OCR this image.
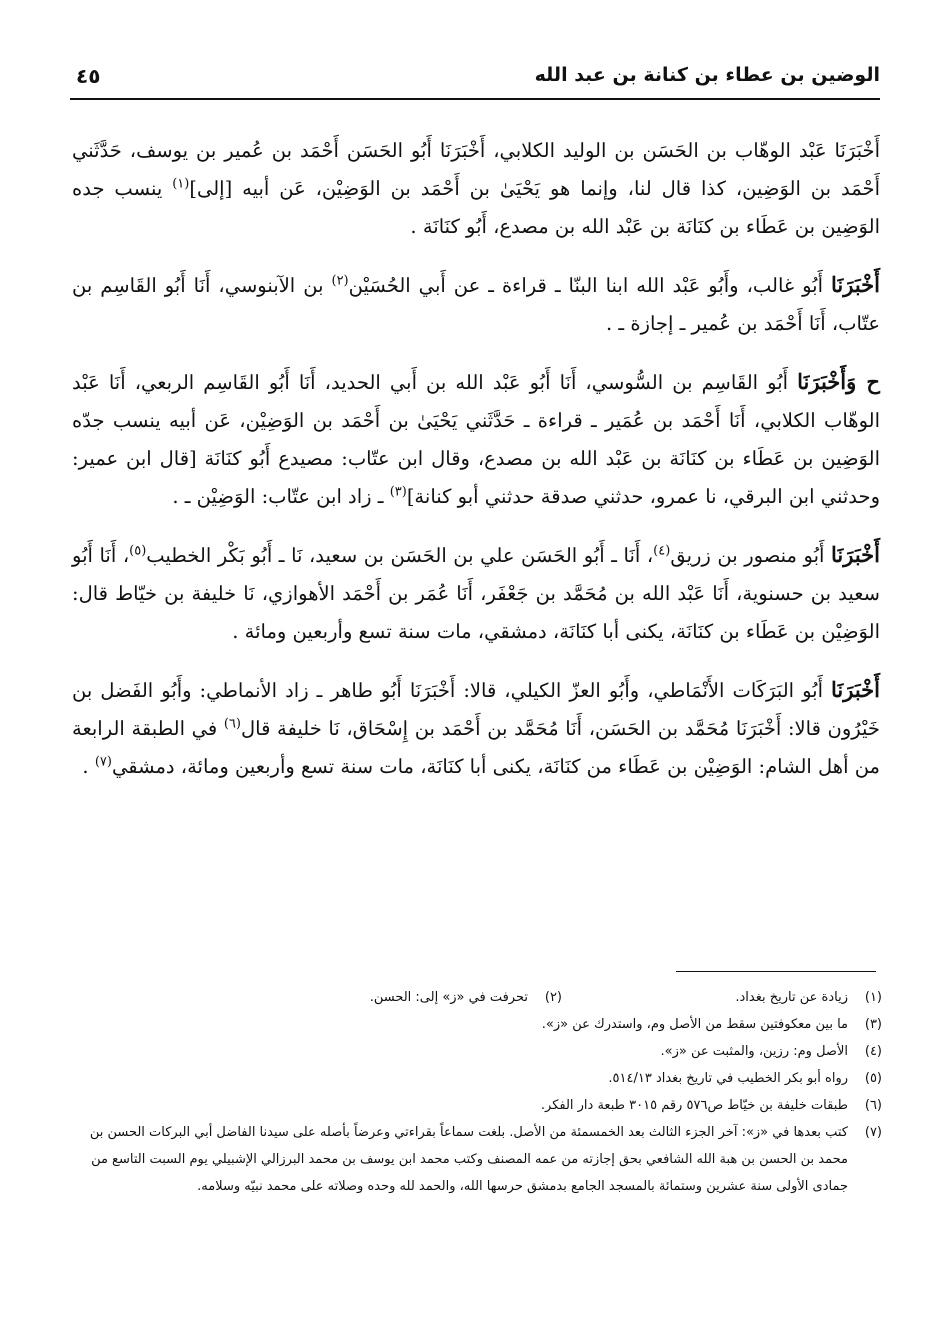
الوضين بن عطاء بن كنانة بن عبد الله
٤٥

أَخْبَرَنَا عَبْد الوهّاب بن الحَسَن بن الوليد الكلابي، أَخْبَرَنَا أَبُو الحَسَن أَحْمَد بن عُمير بن يوسف، حَدَّثَني أَحْمَد بن الوَضِين، كذا قال لنا، وإنما هو يَحْيَىٰ بن أَحْمَد بن الوَضِيْن، عَن أبيه [إلى]$^{(١)}$ ينسب جده الوَضِين بن عَطَاء بن كنَانَة بن عَبْد الله بن مصدع، أَبُو كنَانَة .

أَخْبَرَنَا أَبُو غالب، وأَبُو عَبْد الله ابنا البنّا ـ قراءة ـ عن أَبي الحُسَيْن$^{(٢)}$ بن الآبنوسي، أَنَا أَبُو القَاسِم بن عتّاب، أَنَا أَحْمَد بن عُمير ـ إجازة ـ .

ح وَأَخْبَرَنَا أَبُو القَاسِم بن السُّوسي، أَنَا أَبُو عَبْد الله بن أَبي الحديد، أَنَا أَبُو القَاسِم الربعي، أَنَا عَبْد الوهّاب الكلابي، أَنَا أَحْمَد بن عُمَير ـ قراءة ـ حَدَّثَني يَحْيَىٰ بن أَحْمَد بن الوَضِيْن، عَن أبيه ينسب جدّه الوَضِين بن عَطَاء بن كنَانَة بن عَبْد الله بن مصدع، وقال ابن عتّاب: مصيدع أَبُو كنَانَة [قال ابن عمير: وحدثني ابن البرقي، نا عمرو، حدثني صدقة حدثني أبو كنانة]$^{(٣)}$ ـ زاد ابن عتّاب: الوَضِيْن ـ .

أَخْبَرَنَا أَبُو منصور بن زريق$^{(٤)}$، أَنَا ـ أَبُو الحَسَن علي بن الحَسَن بن سعيد، نَا ـ أَبُو بَكْر الخطيب$^{(٥)}$، أَنَا أَبُو سعيد بن حسنوية، أَنَا عَبْد الله بن مُحَمَّد بن جَعْفَر، أَنَا عُمَر بن أَحْمَد الأهوازي، نَا خليفة بن خيّاط قال: الوَضِيْن بن عَطَاء بن كنَانَة، يكنى أبا كنَانَة، دمشقي، مات سنة تسع وأربعين ومائة .

أَخْبَرَنَا أَبُو البَرَكَات الأَنْمَاطي، وأَبُو العزّ الكيلي، قالا: أَخْبَرَنَا أَبُو طاهر ـ زاد الأنماطي: وأَبُو الفَضل بن خَيْرُون قالا: أَخْبَرَنَا مُحَمَّد بن الحَسَن، أَنَا مُحَمَّد بن أَحْمَد بن إِسْحَاق، نَا خليفة قال$^{(٦)}$ في الطبقة الرابعة من أهل الشام: الوَضِيْن بن عَطَاء من كنَانَة، يكنى أبا كنَانَة، مات سنة تسع وأربعين ومائة، دمشقي$^{(٧)}$ .

(١)
زيادة عن تاريخ بغداد.
(٢)
تحرفت في «ز» إلى: الحسن.
(٣)
ما بين معكوفتين سقط من الأصل وم، واستدرك عن «ز».
(٤)
الأصل وم: رزين، والمثبت عن «ز».
(٥)
رواه أبو بكر الخطيب في تاريخ بغداد ٥١٤/١٣.
(٦)
طبقات خليفة بن خيّاط ص٥٧٦ رقم ٣٠١٥ طبعة دار الفكر.
(٧)
كتب بعدها في «ز»: آخر الجزء الثالث بعد الخمسمئة من الأصل. بلغت سماعاً بقراءتي وعرضاً بأصله على سيدنا الفاضل أبي البركات الحسن بن محمد بن الحسن بن هبة الله الشافعي بحق إجازته من عمه المصنف وكتب محمد ابن يوسف بن محمد البرزالي الإشبيلي يوم السبت التاسع من جمادى الأولى سنة عشرين وستمائة بالمسجد الجامع بدمشق حرسها الله، والحمد لله وحده وصلاته على محمد نبيّه وسلامه.
